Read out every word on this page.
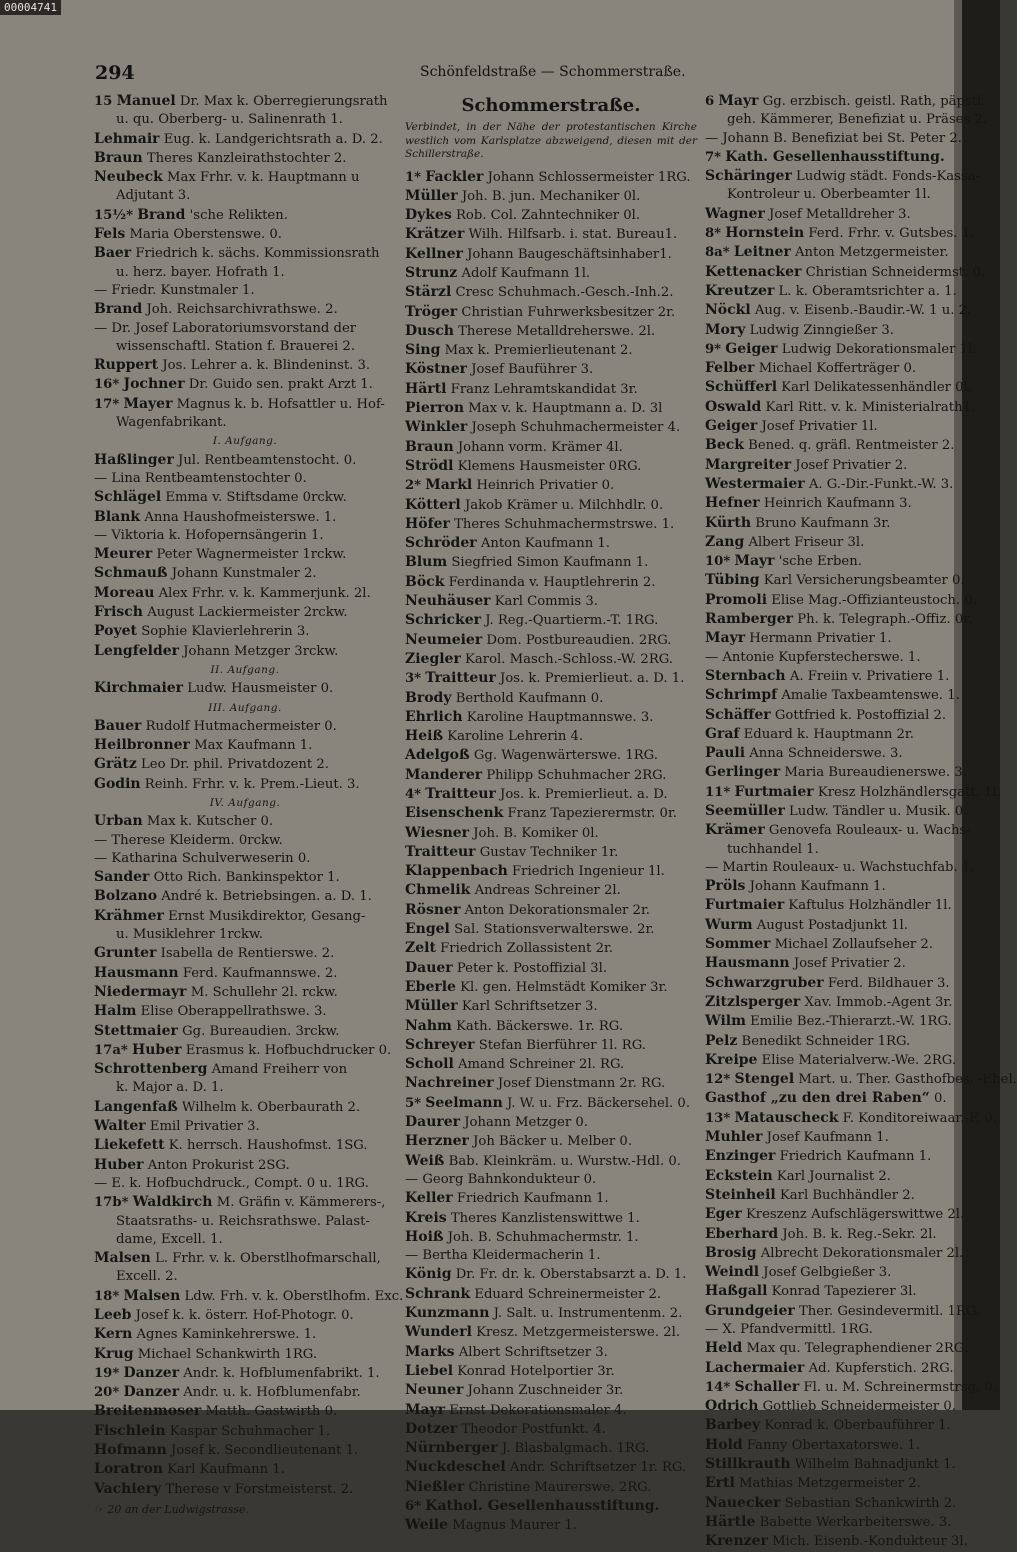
00004741
294	Schönfeldstraße — Schommerstraße.
15 Manuel Dr. Max k. Oberregierungsrath
u. qu. Oberberg- u. Salinenrath 1.
Lehmair Eug. k. Landgerichtsrath a. D. 2.
Braun Theres Kanzleirathstochter 2.
Neubeck Max Frhr. v. k. Hauptmann u
Adjutant 3.
15½* Brand 'sche Relikten.
Fels Maria Oberstenswe. 0.
Baer Friedrich k. sächs. Kommissionsrath
u. herz. bayer. Hofrath 1.
— Friedr. Kunstmaler 1.
Brand Joh. Reichsarchivrathswe. 2.
— Dr. Josef Laboratoriumsvorstand der
wissenschaftl. Station f. Brauerei 2.
Ruppert Jos. Lehrer a. k. Blindeninst. 3.
16* Jochner Dr. Guido sen. prakt Arzt 1.
17* Mayer Magnus k. b. Hofsattler u. Hof-
Wagenfabrikant.
I. Aufgang.
Haßlinger Jul. Rentbeamtenstocht. 0.
— Lina Rentbeamtenstochter 0.
Schlägel Emma v. Stiftsdame 0rckw.
Blank Anna Haushofmeisterswe. 1.
— Viktoria k. Hofopernsängerin 1.
Meurer Peter Wagnermeister 1rckw.
Schmauß Johann Kunstmaler 2.
Moreau Alex Frhr. v. k. Kammerjunk. 2l.
Frisch August Lackiermeister 2rckw.
Poyet Sophie Klavierlehrerin 3.
Lengfelder Johann Metzger 3rckw.
II. Aufgang.
Kirchmaier Ludw. Hausmeister 0.
III. Aufgang.
Bauer Rudolf Hutmachermeister 0.
Heilbronner Max Kaufmann 1.
Grätz Leo Dr. phil. Privatdozent 2.
Godin Reinh. Frhr. v. k. Prem.-Lieut. 3.
IV. Aufgang.
Urban Max k. Kutscher 0.
— Therese Kleiderm. 0rckw.
— Katharina Schulverweserin 0.
Sander Otto Rich. Bankinspektor 1.
Bolzano André k. Betriebsingen. a. D. 1.
Krähmer Ernst Musikdirektor, Gesang-
u. Musiklehrer 1rckw.
Grunter Isabella de Rentierswe. 2.
Hausmann Ferd. Kaufmannswe. 2.
Niedermayr M. Schullehr 2l. rckw.
Halm Elise Oberappellrathswe. 3.
Stettmaier Gg. Bureaudien. 3rckw.
17a* Huber Erasmus k. Hofbuchdrucker 0.
Schrottenberg Amand Freiherr von
k. Major a. D. 1.
Langenfaß Wilhelm k. Oberbaurath 2.
Walter Emil Privatier 3.
Liekefett K. herrsch. Haushofmst. 1SG.
Huber Anton Prokurist 2SG.
— E. k. Hofbuchdruck., Compt. 0 u. 1RG.
17b* Waldkirch M. Gräfin v. Kämmerers-,
Staatsraths- u. Reichsrathswe. Palast-
dame, Excell. 1.
Malsen L. Frhr. v. k. Oberstlhofmarschall,
Excell. 2.
18* Malsen Ldw. Frh. v. k. Oberstlhofm. Exc.
Leeb Josef k. k. österr. Hof-Photogr. 0.
Kern Agnes Kaminkehrerswe. 1.
Krug Michael Schankwirth 1RG.
19* Danzer Andr. k. Hofblumenfabrikt. 1.
20* Danzer Andr. u. k. Hofblumenfabr.
Breitenmoser Matth. Gastwirth 0.
Fischlein Kaspar Schuhmacher 1.
Hofmann Josef k. Secondlieutenant 1.
Loratron Karl Kaufmann 1.
Vachiery Therese v Forstmeisterst. 2.
☞ 20 an der Ludwigstrasse.
Schommerstraße.
Verbindet, in der Nähe der protestantischen Kirche westlich vom Karlsplatze abzweigend, diesen mit der Schillerstraße.
1* Fackler Johann Schlossermeister 1RG.
Müller Joh. B. jun. Mechaniker 0l.
Dykes Rob. Col. Zahntechniker 0l.
Krätzer Wilh. Hilfsarb. i. stat. Bureau1.
Kellner Johann Baugeschäftsinhaber1.
Strunz Adolf Kaufmann 1l.
Stärzl Cresc Schuhmach.-Gesch.-Inh.2.
Tröger Christian Fuhrwerksbesitzer 2r.
Dusch Therese Metalldreherswe. 2l.
Sing Max k. Premierlieutenant 2.
Köstner Josef Bauführer 3.
Härtl Franz Lehramtskandidat 3r.
Pierron Max v. k. Hauptmann a. D. 3l
Winkler Joseph Schuhmachermeister 4.
Braun Johann vorm. Krämer 4l.
Strödl Klemens Hausmeister 0RG.
2* Markl Heinrich Privatier 0.
Kötterl Jakob Krämer u. Milchhdlr. 0.
Höfer Theres Schuhmachermstrswe. 1.
Schröder Anton Kaufmann 1.
Blum Siegfried Simon Kaufmann 1.
Böck Ferdinanda v. Hauptlehrerin 2.
Neuhäuser Karl Commis 3.
Schricker J. Reg.-Quartierm.-T. 1RG.
Neumeier Dom. Postbureaudien. 2RG.
Ziegler Karol. Masch.-Schloss.-W. 2RG.
3* Traitteur Jos. k. Premierlieut. a. D. 1.
Brody Berthold Kaufmann 0.
Ehrlich Karoline Hauptmannswe. 3.
Heiß Karoline Lehrerin 4.
Adelgoß Gg. Wagenwärterswe. 1RG.
Manderer Philipp Schuhmacher 2RG.
4* Traitteur Jos. k. Premierlieut. a. D.
Eisenschenk Franz Tapezierermstr. 0r.
Wiesner Joh. B. Komiker 0l.
Traitteur Gustav Techniker 1r.
Klappenbach Friedrich Ingenieur 1l.
Chmelik Andreas Schreiner 2l.
Rösner Anton Dekorationsmaler 2r.
Engel Sal. Stationsverwalterswe. 2r.
Zelt Friedrich Zollassistent 2r.
Dauer Peter k. Postoffizial 3l.
Eberle Kl. gen. Helmstädt Komiker 3r.
Müller Karl Schriftsetzer 3.
Nahm Kath. Bäckerswe. 1r. RG.
Schreyer Stefan Bierführer 1l. RG.
Scholl Amand Schreiner 2l. RG.
Nachreiner Josef Dienstmann 2r. RG.
5* Seelmann J. W. u. Frz. Bäckersehel. 0.
Daurer Johann Metzger 0.
Herzner Joh Bäcker u. Melber 0.
Weiß Bab. Kleinkräm. u. Wurstw.-Hdl. 0.
— Georg Bahnkondukteur 0.
Keller Friedrich Kaufmann 1.
Kreis Theres Kanzlistenswittwe 1.
Hoiß Joh. B. Schuhmachermstr. 1.
— Bertha Kleidermacherin 1.
König Dr. Fr. dr. k. Oberstabsarzt a. D. 1.
Schrank Eduard Schreinermeister 2.
Kunzmann J. Salt. u. Instrumentenm. 2.
Wunderl Kresz. Metzgermeisterswe. 2l.
Marks Albert Schriftsetzer 3.
Liebel Konrad Hotelportier 3r.
Neuner Johann Zuschneider 3r.
Mayr Ernst Dekorationsmaler 4.
Dotzer Theodor Postfunkt. 4.
Nürnberger J. Blasbalgmach. 1RG.
Nuckdeschel Andr. Schriftsetzer 1r. RG.
Nießler Christine Maurerswe. 2RG.
6* Kathol. Gesellenhausstiftung.
Weile Magnus Maurer 1.
6 Mayr Gg. erzbisch. geistl. Rath, päpstl.
geh. Kämmerer, Benefiziat u. Präses 2.
— Johann B. Benefiziat bei St. Peter 2.
7* Kath. Gesellenhausstiftung.
Schäringer Ludwig städt. Fonds-Kassa-
Kontroleur u. Oberbeamter 1l.
Wagner Josef Metalldreher 3.
8* Hornstein Ferd. Frhr. v. Gutsbes. 1.
8a* Leitner Anton Metzgermeister.
Kettenacker Christian Schneidermst. 0.
Kreutzer L. k. Oberamtsrichter a. 1.
Nöckl Aug. v. Eisenb.-Baudir.-W. 1 u. 2.
Mory Ludwig Zinngießer 3.
9* Geiger Ludwig Dekorationsmaler 1l.
Felber Michael Kofferträger 0.
Schüfferl Karl Delikatessenhändler 0l.
Oswald Karl Ritt. v. k. Ministerialrath1.
Geiger Josef Privatier 1l.
Beck Bened. q. gräfl. Rentmeister 2.
Margreiter Josef Privatier 2.
Westermaier A. G.-Dir.-Funkt.-W. 3.
Hefner Heinrich Kaufmann 3.
Kürth Bruno Kaufmann 3r.
Zang Albert Friseur 3l.
10* Mayr 'sche Erben.
Tübing Karl Versicherungsbeamter 0.
Promoli Elise Mag.-Offizianteustoch. 0.
Ramberger Ph. k. Telegraph.-Offiz. 0r.
Mayr Hermann Privatier 1.
— Antonie Kupferstecherswe. 1.
Sternbach A. Freiin v. Privatiere 1.
Schrimpf Amalie Taxbeamtenswe. 1.
Schäffer Gottfried k. Postoffizial 2.
Graf Eduard k. Hauptmann 2r.
Pauli Anna Schneiderswe. 3.
Gerlinger Maria Bureaudienerswe. 3.
11* Furtmaier Kresz Holzhändlersgatt. 1l.
Seemüller Ludw. Tändler u. Musik. 0.
Krämer Genovefa Rouleaux- u. Wachs-
tuchhandel 1.
— Martin Rouleaux- u. Wachstuchfab. 1.
Pröls Johann Kaufmann 1.
Furtmaier Kaftulus Holzhändler 1l.
Wurm August Postadjunkt 1l.
Sommer Michael Zollaufseher 2.
Hausmann Josef Privatier 2.
Schwarzgruber Ferd. Bildhauer 3.
Zitzlsperger Xav. Immob.-Agent 3r.
Wilm Emilie Bez.-Thierarzt.-W. 1RG.
Pelz Benedikt Schneider 1RG.
Kreipe Elise Materialverw.-We. 2RG.
12* Stengel Mart. u. Ther. Gasthofbes. -Ehel.
Gasthof „zu den drei Raben“ 0.
13* Matauscheck F. Konditoreiwaar.-F. 0.
Muhler Josef Kaufmann 1.
Enzinger Friedrich Kaufmann 1.
Eckstein Karl Journalist 2.
Steinheil Karl Buchhändler 2.
Eger Kreszenz Aufschlägerswittwe 2l.
Eberhard Joh. B. k. Reg.-Sekr. 2l.
Brosig Albrecht Dekorationsmaler 2l.
Weindl Josef Gelbgießer 3.
Haßgall Konrad Tapezierer 3l.
Grundgeier Ther. Gesindevermitl. 1RG.
— X. Pfandvermittl. 1RG.
Held Max qu. Telegraphendiener 2RG.
Lachermaier Ad. Kupferstich. 2RG.
14* Schaller Fl. u. M. Schreinermstrsg. 0.
Odrich Gottlieb Schneidermeister 0.
Barbey Konrad k. Oberbauführer 1.
Hold Fanny Obertaxatorswe. 1.
Stillkrauth Wilhelm Bahnadjunkt 1.
Ertl Mathias Metzgermeister 2.
Nauecker Sebastian Schankwirth 2.
Härtle Babette Werkarbeiterswe. 3.
Krenzer Mich. Eisenb.-Kondukteur 3l.
